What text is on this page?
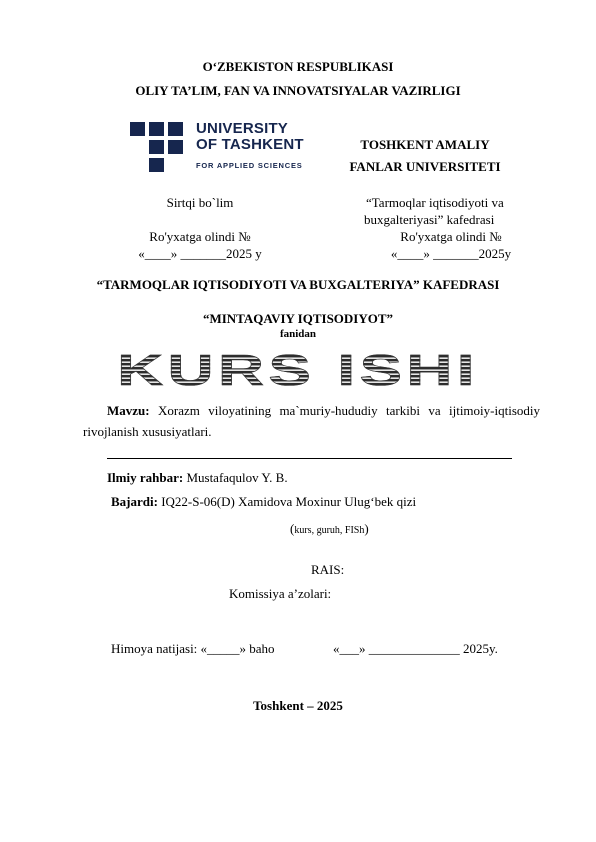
O‘ZBEKISTON RESPUBLIKASI
OLIY TA’LIM, FAN VA INNOVATSIYALAR VAZIRLIGI
UNIVERSITY
OF TASHKENT
FOR APPLIED SCIENCES
TOSHKENT AMALIY
FANLAR UNIVERSITETI
Sirtqi bo`lim
Ro'yxatga olindi №
«____» _______2025 y
“Tarmoqlar iqtisodiyoti va
buxgalteriyasi” kafedrasi
Ro'yxatga olindi №
«____» _______2025y
“TARMOQLAR IQTISODIYOTI VA BUXGALTERIYA” KAFEDRASI
“MINTAQAVIY IQTISODIYOT”
fanidan
KURS ISHI
Mavzu: Xorazm viloyatining ma`muriy-hududiy tarkibi va ijtimoiy-iqtisodiy rivojlanish xususiyatlari.
Ilmiy rahbar: Mustafaqulov Y. B.
Bajardi: IQ22-S-06(D) Xamidova Moxinur Ulug‘bek qizi
(kurs, guruh, FISh)
RAIS:
Komissiya a’zolari:
Himoya natijasi: «_____» baho	«___» ______________ 2025y.
Toshkent – 2025
